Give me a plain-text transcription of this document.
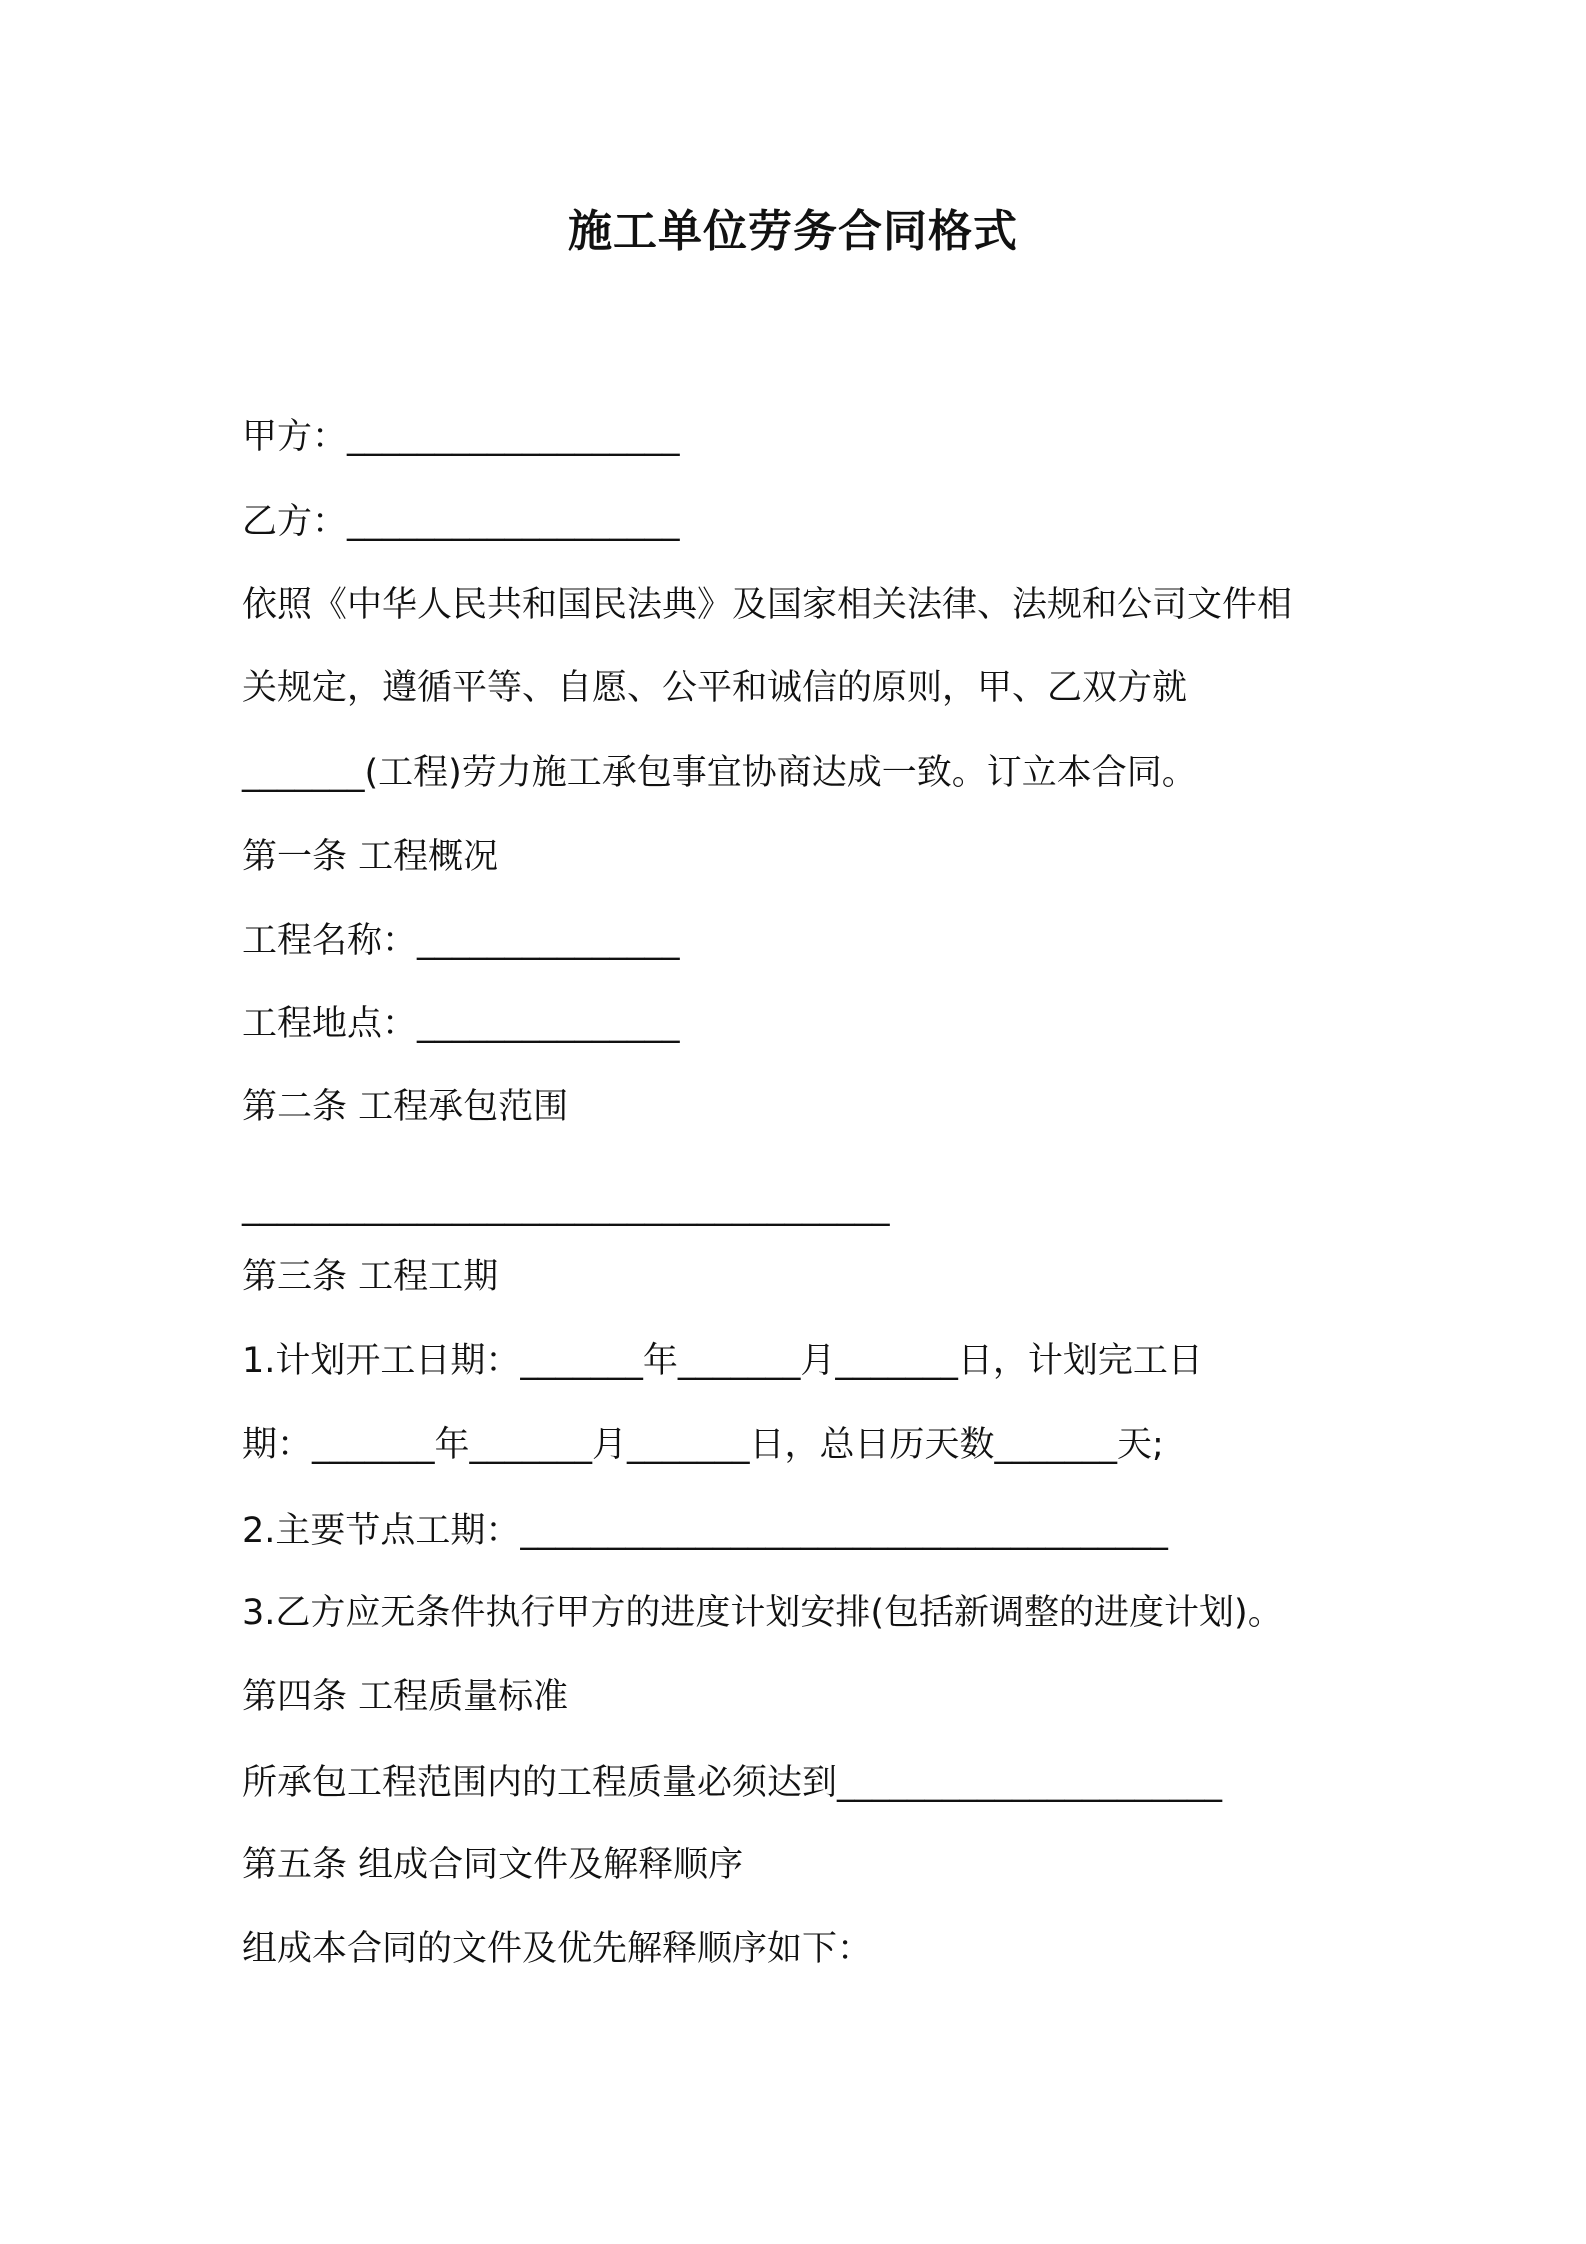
施工单位劳务合同格式

甲方：___________________

乙方：___________________

依照《中华人民共和国民法典》及国家相关法律、法规和公司文件相

关规定，遵循平等、自愿、公平和诚信的原则，甲、乙双方就

_______(工程)劳力施工承包事宜协商达成一致。订立本合同。

第一条 工程概况

工程名称：_______________

工程地点：_______________

第二条 工程承包范围

_____________________________________

第三条 工程工期

1.计划开工日期：_______年_______月_______日，计划完工日

期：_______年_______月_______日，总日历天数_______天;

2.主要节点工期：_____________________________________

3.乙方应无条件执行甲方的进度计划安排(包括新调整的进度计划)。

第四条 工程质量标准

所承包工程范围内的工程质量必须达到______________________

第五条 组成合同文件及解释顺序

组成本合同的文件及优先解释顺序如下：
